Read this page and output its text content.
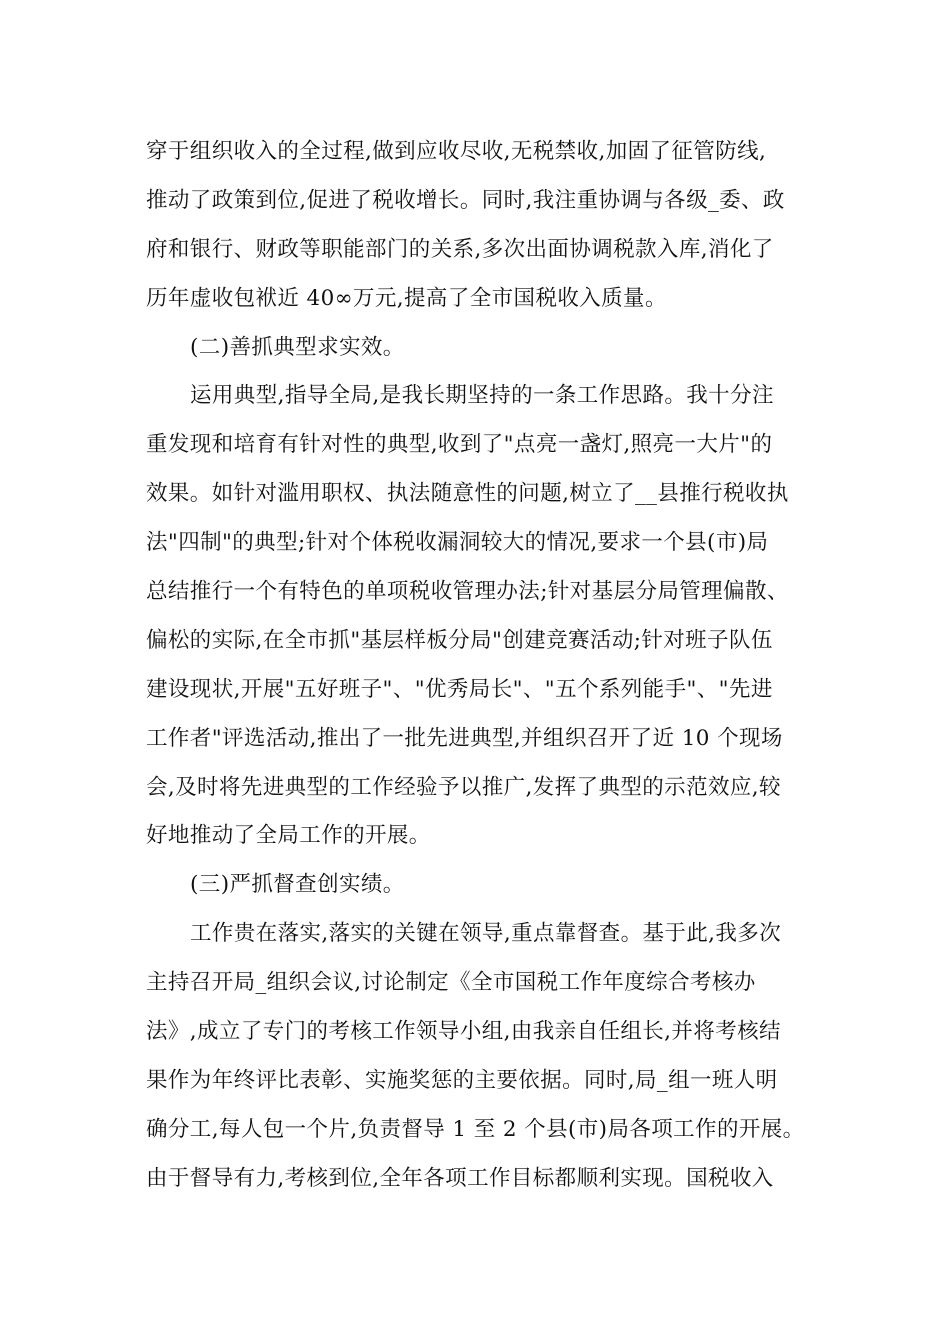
穿于组织收入的全过程,做到应收尽收,无税禁收,加固了征管防线,
推动了政策到位,促进了税收增长。同时,我注重协调与各级_委、政
府和银行、财政等职能部门的关系,多次出面协调税款入库,消化了
历年虚收包袱近 40∞万元,提高了全市国税收入质量。
(二)善抓典型求实效。
运用典型,指导全局,是我长期坚持的一条工作思路。我十分注
重发现和培育有针对性的典型,收到了"点亮一盏灯,照亮一大片"的
效果。如针对滥用职权、执法随意性的问题,树立了__县推行税收执
法"四制"的典型;针对个体税收漏洞较大的情况,要求一个县(市)局
总结推行一个有特色的单项税收管理办法;针对基层分局管理偏散、
偏松的实际,在全市抓"基层样板分局"创建竞赛活动;针对班子队伍
建设现状,开展"五好班子"、"优秀局长"、"五个系列能手"、"先进
工作者"评选活动,推出了一批先进典型,并组织召开了近 10 个现场
会,及时将先进典型的工作经验予以推广,发挥了典型的示范效应,较
好地推动了全局工作的开展。
(三)严抓督查创实绩。
工作贵在落实,落实的关键在领导,重点靠督查。基于此,我多次
主持召开局_组织会议,讨论制定《全市国税工作年度综合考核办
法》,成立了专门的考核工作领导小组,由我亲自任组长,并将考核结
果作为年终评比表彰、实施奖惩的主要依据。同时,局_组一班人明
确分工,每人包一个片,负责督导 1 至 2 个县(市)局各项工作的开展。
由于督导有力,考核到位,全年各项工作目标都顺利实现。国税收入
